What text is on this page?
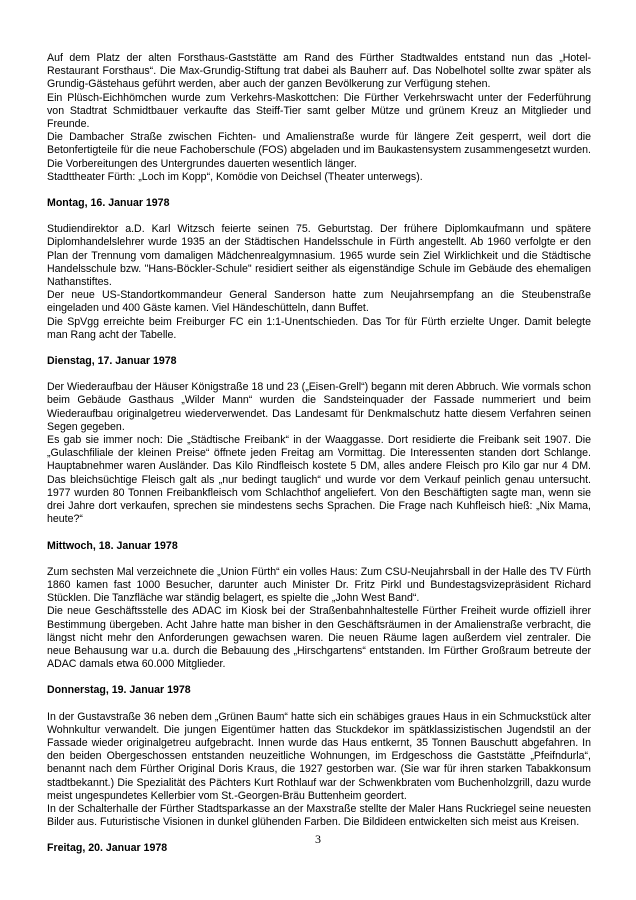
Auf dem Platz der alten Forsthaus-Gaststätte am Rand des Fürther Stadtwaldes entstand nun das „Hotel-Restaurant Forsthaus“. Die Max-Grundig-Stiftung trat dabei als Bauherr auf. Das Nobelhotel sollte zwar später als Grundig-Gästehaus geführt werden, aber auch der ganzen Bevölkerung zur Verfügung stehen.

Ein Plüsch-Eichhömchen wurde zum Verkehrs-Maskottchen: Die Fürther Verkehrswacht unter der Federführung von Stadtrat Schmidtbauer verkaufte das Steiff-Tier samt gelber Mütze und grünem Kreuz an Mitglieder und Freunde.

Die Dambacher Straße zwischen Fichten- und Amalienstraße wurde für längere Zeit gesperrt, weil dort die Betonfertigteile für die neue Fachoberschule (FOS) abgeladen und im Baukastensystem zusammengesetzt wurden. Die Vorbereitungen des Untergrundes dauerten wesentlich länger.

Stadttheater Fürth: „Loch im Kopp“, Komödie von Deichsel (Theater unterwegs).

Montag, 16. Januar 1978

Studiendirektor a.D. Karl Witzsch feierte seinen 75. Geburtstag. Der frühere Diplomkaufmann und spätere Diplomhandelslehrer wurde 1935 an der Städtischen Handelsschule in Fürth angestellt. Ab 1960 verfolgte er den Plan der Trennung vom damaligen Mädchenrealgymnasium. 1965 wurde sein Ziel Wirklichkeit und die Städtische Handelsschule bzw. "Hans-Böckler-Schule" residiert seither als eigenständige Schule im Gebäude des ehemaligen Nathanstiftes.

Der neue US-Standortkommandeur General Sanderson hatte zum Neujahrsempfang an die Steubenstraße eingeladen und 400 Gäste kamen. Viel Händeschütteln, dann Buffet.

Die SpVgg erreichte beim Freiburger FC ein 1:1-Unentschieden. Das Tor für Fürth erzielte Unger. Damit belegte man Rang acht der Tabelle.

Dienstag, 17. Januar 1978

Der Wiederaufbau der Häuser Königstraße 18 und 23 („Eisen-Grell“) begann mit deren Abbruch. Wie vormals schon beim Gebäude Gasthaus „Wilder Mann“ wurden die Sandsteinquader der Fassade nummeriert und beim Wiederaufbau originalgetreu wiederverwendet. Das Landesamt für Denkmalschutz hatte diesem Verfahren seinen Segen gegeben.

Es gab sie immer noch: Die „Städtische Freibank“ in der Waaggasse. Dort residierte die Freibank seit 1907. Die „Gulaschfiliale der kleinen Preise“ öffnete jeden Freitag am Vormittag. Die Interessenten standen dort Schlange. Hauptabnehmer waren Ausländer. Das Kilo Rindfleisch kostete 5 DM, alles andere Fleisch pro Kilo gar nur 4 DM. Das bleichsüchtige Fleisch galt als „nur bedingt tauglich“ und wurde vor dem Verkauf peinlich genau untersucht. 1977 wurden 80 Tonnen Freibankfleisch vom Schlachthof angeliefert. Von den Beschäftigten sagte man, wenn sie drei Jahre dort verkaufen, sprechen sie mindestens sechs Sprachen. Die Frage nach Kuhfleisch hieß: „Nix Mama, heute?“

Mittwoch, 18. Januar 1978

Zum sechsten Mal verzeichnete die „Union Fürth“ ein volles Haus: Zum CSU-Neujahrsball in der Halle des TV Fürth 1860 kamen fast 1000 Besucher, darunter auch Minister Dr. Fritz Pirkl und Bundestagsvizepräsident Richard Stücklen. Die Tanzfläche war ständig belagert, es spielte die „John West Band“.

Die neue Geschäftsstelle des ADAC im Kiosk bei der Straßenbahnhaltestelle Fürther Freiheit wurde offiziell ihrer Bestimmung übergeben. Acht Jahre hatte man bisher in den Geschäftsräumen in der Amalienstraße verbracht, die längst nicht mehr den Anforderungen gewachsen waren. Die neuen Räume lagen außerdem viel zentraler. Die neue Behausung war u.a. durch die Bebauung des „Hirschgartens“ entstanden. Im Fürther Großraum betreute der ADAC damals etwa 60.000 Mitglieder.

Donnerstag, 19. Januar 1978

In der Gustavstraße 36 neben dem „Grünen Baum“ hatte sich ein schäbiges graues Haus in ein Schmuckstück alter Wohnkultur verwandelt. Die jungen Eigentümer hatten das Stuckdekor im spätklassizistischen Jugendstil an der Fassade wieder originalgetreu aufgebracht. Innen wurde das Haus entkernt, 35 Tonnen Bauschutt abgefahren. In den beiden Obergeschossen entstanden neuzeitliche Wohnungen, im Erdgeschoss die Gaststätte „Pfeifndurla“, benannt nach dem Fürther Original Doris Kraus, die 1927 gestorben war. (Sie war für ihren starken Tabakkonsum stadtbekannt.) Die Spezialität des Pächters Kurt Rothlauf war der Schwenkbraten vom Buchenholzgrill, dazu wurde meist ungespundetes Kellerbier vom St.-Georgen-Bräu Buttenheim geordert.

In der Schalterhalle der Fürther Stadtsparkasse an der Maxstraße stellte der Maler Hans Ruckriegel seine neuesten Bilder aus. Futuristische Visionen in dunkel glühenden Farben. Die Bildideen entwickelten sich meist aus Kreisen.

Freitag, 20. Januar 1978
3
